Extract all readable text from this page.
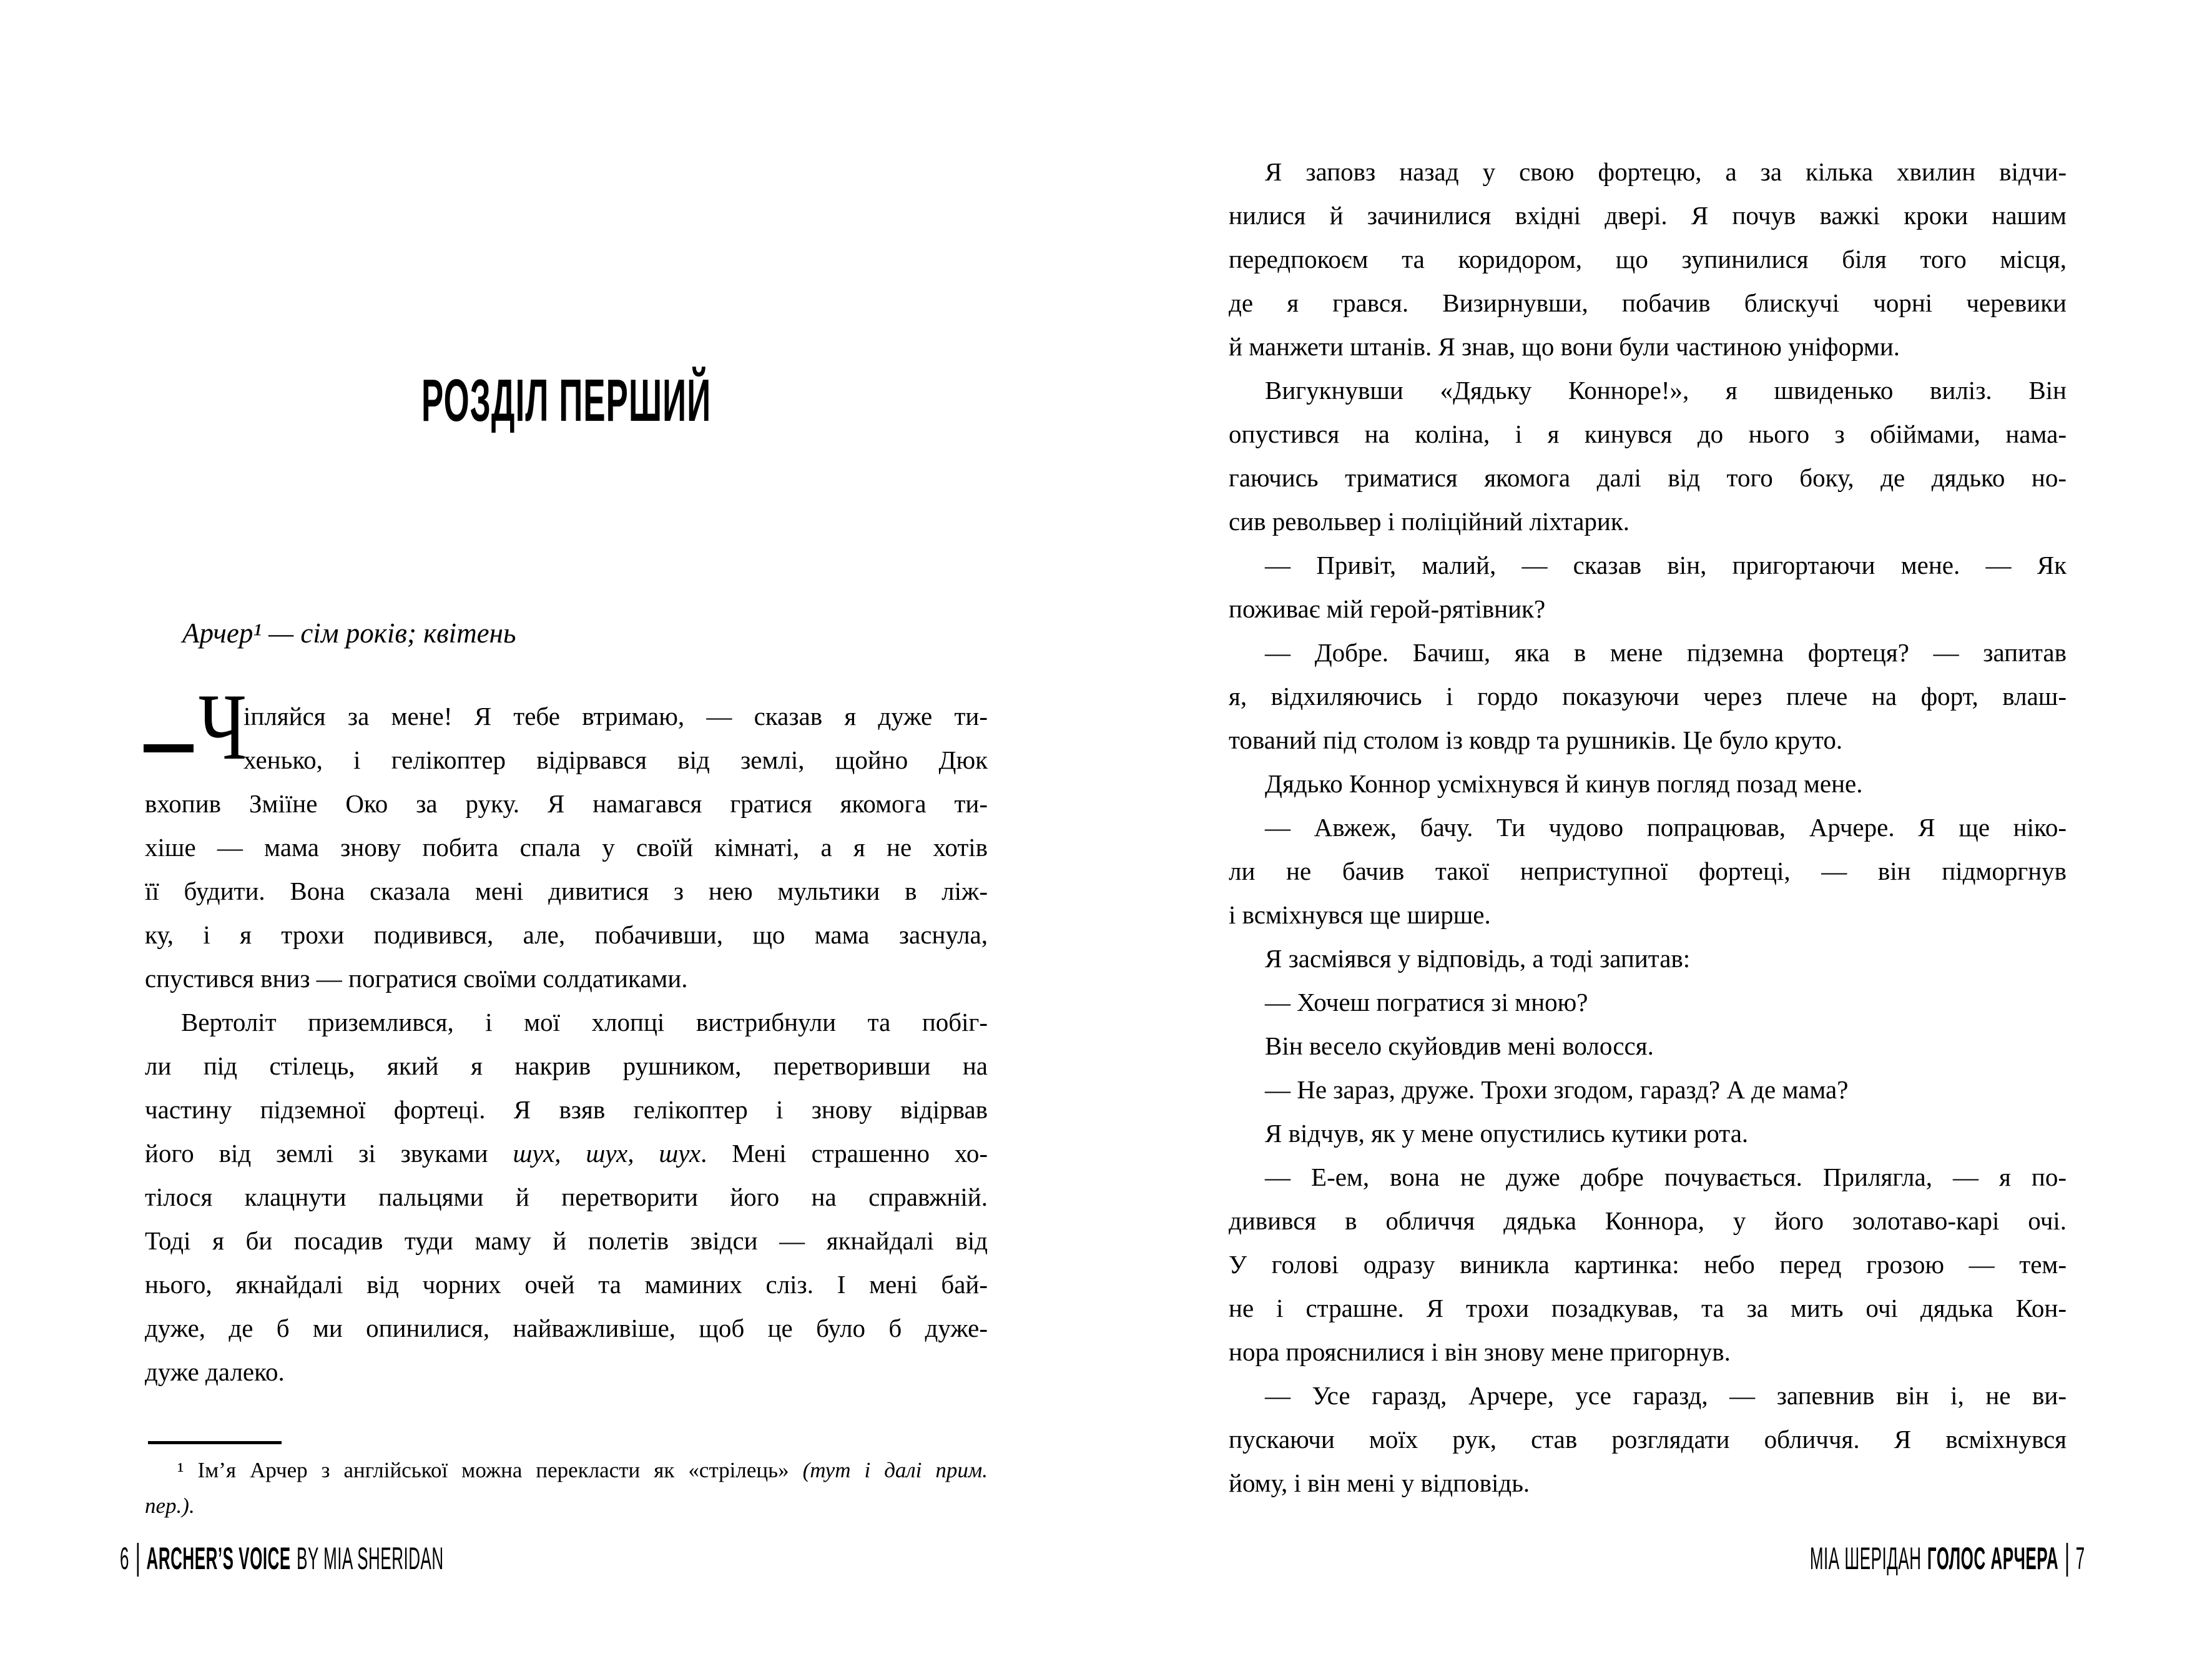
РОЗДІЛ ПЕРШИЙ
Арчер¹ — сім років; квітень
Ч
іпляйся за мене! Я тебе втримаю, — сказав я дуже ти-
хенько, і гелікоптер відірвався від землі, щойно Дюк
вхопив Зміїне Око за руку. Я намагався гратися якомога ти-
хіше — мама знову побита спала у своїй кімнаті, а я не хотів
її будити. Вона сказала мені дивитися з нею мультики в ліж-
ку, і я трохи подивився, але, побачивши, що мама заснула,
спустився вниз — погратися своїми солдатиками.
Вертоліт приземлився, і мої хлопці вистрибнули та побіг-
ли під стілець, який я накрив рушником, перетворивши на
частину підземної фортеці. Я взяв гелікоптер і знову відірвав
його від землі зі звуками шух, шух, шух. Мені страшенно хо-
тілося клацнути пальцями й перетворити його на справжній.
Тоді я би посадив туди маму й полетів звідси — якнайдалі від
нього, якнайдалі від чорних очей та маминих сліз. І мені бай-
дуже, де б ми опинилися, найважливіше, щоб це було б дуже-
дуже далеко.
¹ Ім’я Арчер з англійської можна перекласти як «стрілець» (тут і далі прим.
пер.).
6 ARCHER’S VOICE BY MIA SHERIDAN
Я заповз назад у свою фортецю, а за кілька хвилин відчи-
нилися й зачинилися вхідні двері. Я почув важкі кроки нашим
передпокоєм та коридором, що зупинилися біля того місця,
де я грався. Визирнувши, побачив блискучі чорні черевики
й манжети штанів. Я знав, що вони були частиною уніформи.
Вигукнувши «Дядьку Конноре!», я швиденько виліз. Він
опустився на коліна, і я кинувся до нього з обіймами, нама-
гаючись триматися якомога далі від того боку, де дядько но-
сив револьвер і поліційний ліхтарик.
— Привіт, малий, — сказав він, пригортаючи мене. — Як
поживає мій герой-рятівник?
— Добре. Бачиш, яка в мене підземна фортеця? — запитав
я, відхиляючись і гордо показуючи через плече на форт, влаш-
тований під столом із ковдр та рушників. Це було круто.
Дядько Коннор усміхнувся й кинув погляд позад мене.
— Авжеж, бачу. Ти чудово попрацював, Арчере. Я ще ніко-
ли не бачив такої неприступної фортеці, — він підморгнув
і всміхнувся ще ширше.
Я засміявся у відповідь, а тоді запитав:
— Хочеш погратися зі мною?
Він весело скуйовдив мені волосся.
— Не зараз, друже. Трохи згодом, гаразд? А де мама?
Я відчув, як у мене опустились кутики рота.
— Е-ем, вона не дуже добре почувається. Прилягла, — я по-
дивився в обличчя дядька Коннора, у його золотаво-карі очі.
У голові одразу виникла картинка: небо перед грозою — тем-
не і страшне. Я трохи позадкував, та за мить очі дядька Кон-
нора прояснилися і він знову мене пригорнув.
— Усе гаразд, Арчере, усе гаразд, — запевнив він і, не ви-
пускаючи моїх рук, став розглядати обличчя. Я всміхнувся
йому, і він мені у відповідь.
МІА ШЕРІДАН ГОЛОС АРЧЕРА 7
